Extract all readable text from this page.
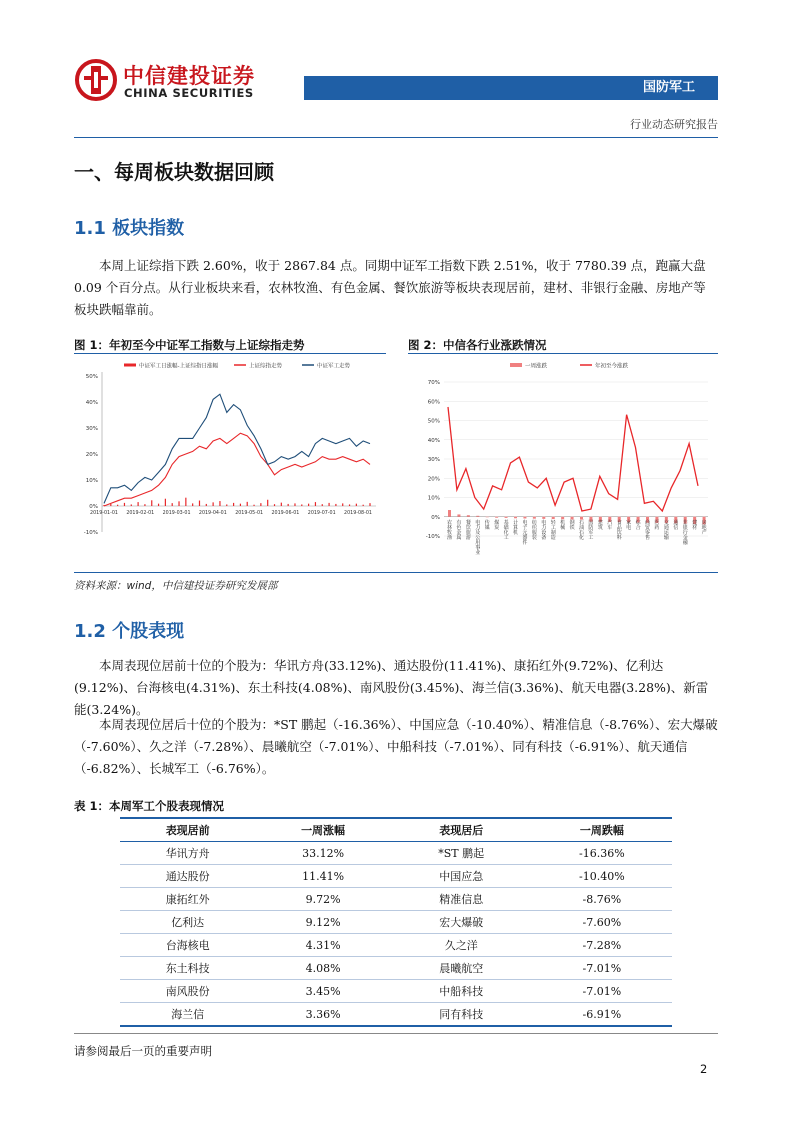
中信建投证券
CHINA SECURITIES	国防军工
行业动态研究报告
一、每周板块数据回顾
1.1 板块指数

本周上证综指下跌 2.60%，收于 2867.84 点。同期中证军工指数下跌 2.51%，收于 7780.39 点，跑赢大盘 0.09 个百分点。从行业板块来看，农林牧渔、有色金属、餐饮旅游等板块表现居前，建材、非银行金融、房地产等板块跌幅靠前。

图 1：年初至今中证军工指数与上证综指走势	图 2：中信各行业涨跌情况
中证军工日涨幅-上证综指日涨幅	上证综指走势	中证军工走势
50%
40%
30%
20%
10%
0%
-10%
2019-01-01 2019-02-01 2019-03-01 2019-04-01 2019-05-01 2019-06-01 2019-07-01 2019-08-01
一周涨跌	年初至今涨跌
70%
60%
50%
40%
30%
20%
10%
0%
-10% 农林牧渔 有色金属 餐饮旅游 电力及公用事业 传媒 煤炭 基础化工 计算机 电子元器件 纺织服装 电力设备 轻工制造 机械 钢铁 石油石化 国防军工 建筑 汽车 食品饮料 家电 综合 商贸零售 医药 交通运输 通信 非银行金融 建材 房地产
资料来源：wind，中信建投证券研究发展部
1.2 个股表现

本周表现位居前十位的个股为：华讯方舟(33.12%)、通达股份(11.41%)、康拓红外(9.72%)、亿利达(9.12%)、台海核电(4.31%)、东土科技(4.08%)、南风股份(3.45%)、海兰信(3.36%)、航天电器(3.28%)、新雷能(3.24%)。

本周表现位居后十位的个股为：*ST 鹏起（-16.36%）、中国应急（-10.40%）、精准信息（-8.76%）、宏大爆破（-7.60%）、久之洋（-7.28%）、晨曦航空（-7.01%）、中船科技（-7.01%）、同有科技（-6.91%）、航天通信（-6.82%）、长城军工（-6.76%）。

表 1：本周军工个股表现情况
表现居前	一周涨幅	表现居后	一周跌幅
华讯方舟	33.12%	*ST 鹏起	-16.36%
通达股份	11.41%	中国应急	-10.40%
康拓红外	9.72%	精准信息	-8.76%
亿利达	9.12%	宏大爆破	-7.60%
台海核电	4.31%	久之洋	-7.28%
东土科技	4.08%	晨曦航空	-7.01%
南风股份	3.45%	中船科技	-7.01%
海兰信	3.36%	同有科技	-6.91%
请参阅最后一页的重要声明
2
